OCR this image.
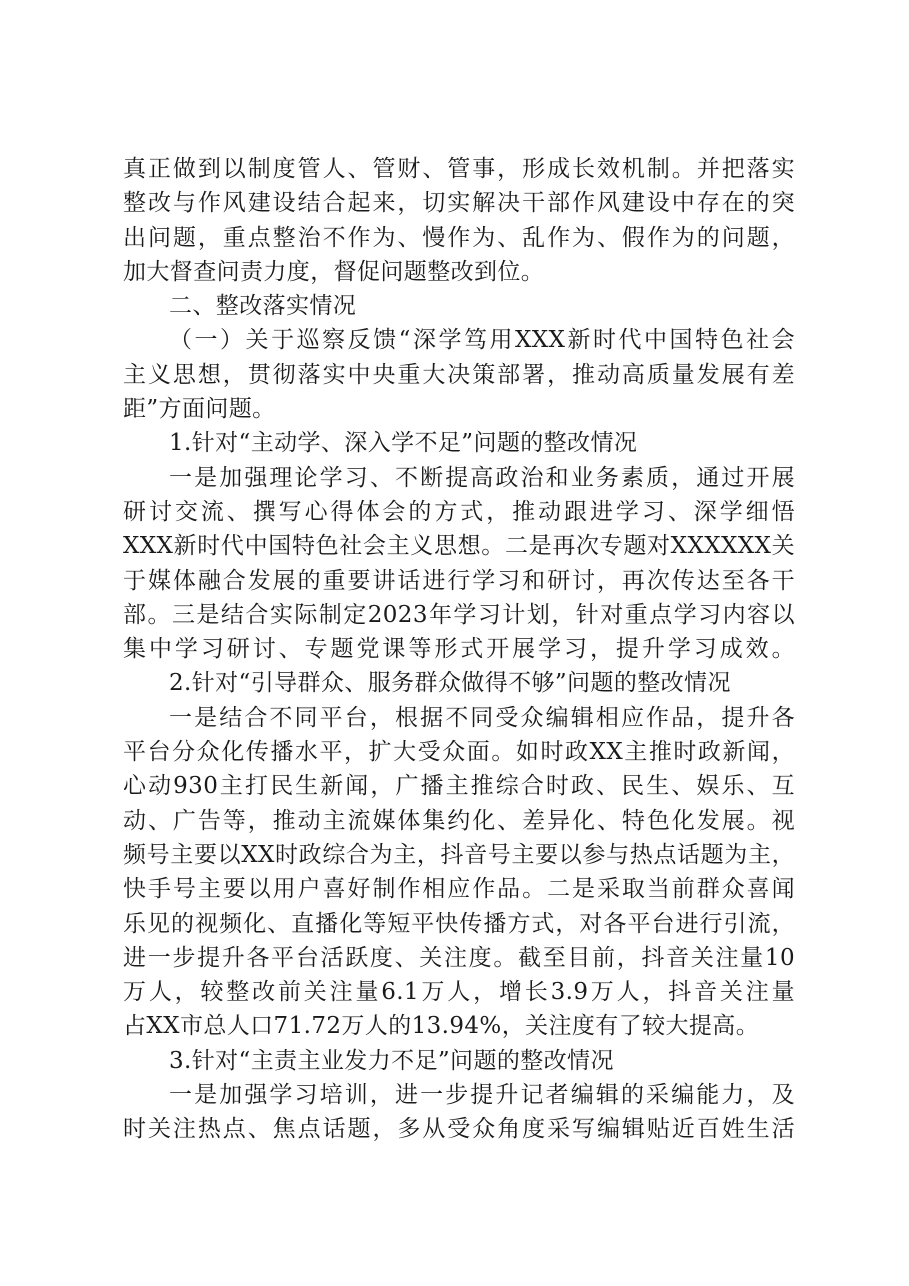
真正做到以制度管人、管财、管事，形成长效机制。并把落实
整改与作风建设结合起来，切实解决干部作风建设中存在的突
出问题，重点整治不作为、慢作为、乱作为、假作为的问题，
加大督查问责力度，督促问题整改到位。
二、整改落实情况
（一）关于巡察反馈“深学笃用XXX新时代中国特色社会
主义思想，贯彻落实中央重大决策部署，推动高质量发展有差
距”方面问题。
1.针对“主动学、深入学不足”问题的整改情况
一是加强理论学习、不断提高政治和业务素质，通过开展
研讨交流、撰写心得体会的方式，推动跟进学习、深学细悟
XXX新时代中国特色社会主义思想。二是再次专题对XXXXXX关
于媒体融合发展的重要讲话进行学习和研讨，再次传达至各干
部。三是结合实际制定2023年学习计划，针对重点学习内容以
集中学习研讨、专题党课等形式开展学习，提升学习成效。
2.针对“引导群众、服务群众做得不够”问题的整改情况
一是结合不同平台，根据不同受众编辑相应作品，提升各
平台分众化传播水平，扩大受众面。如时政XX主推时政新闻，
心动930主打民生新闻，广播主推综合时政、民生、娱乐、互
动、广告等，推动主流媒体集约化、差异化、特色化发展。视
频号主要以XX时政综合为主，抖音号主要以参与热点话题为主，
快手号主要以用户喜好制作相应作品。二是采取当前群众喜闻
乐见的视频化、直播化等短平快传播方式，对各平台进行引流，
进一步提升各平台活跃度、关注度。截至目前，抖音关注量10
万人，较整改前关注量6.1万人，增长3.9万人，抖音关注量
占XX市总人口71.72万人的13.94%，关注度有了较大提高。
3.针对“主责主业发力不足”问题的整改情况
一是加强学习培训，进一步提升记者编辑的采编能力，及
时关注热点、焦点话题，多从受众角度采写编辑贴近百姓生活
